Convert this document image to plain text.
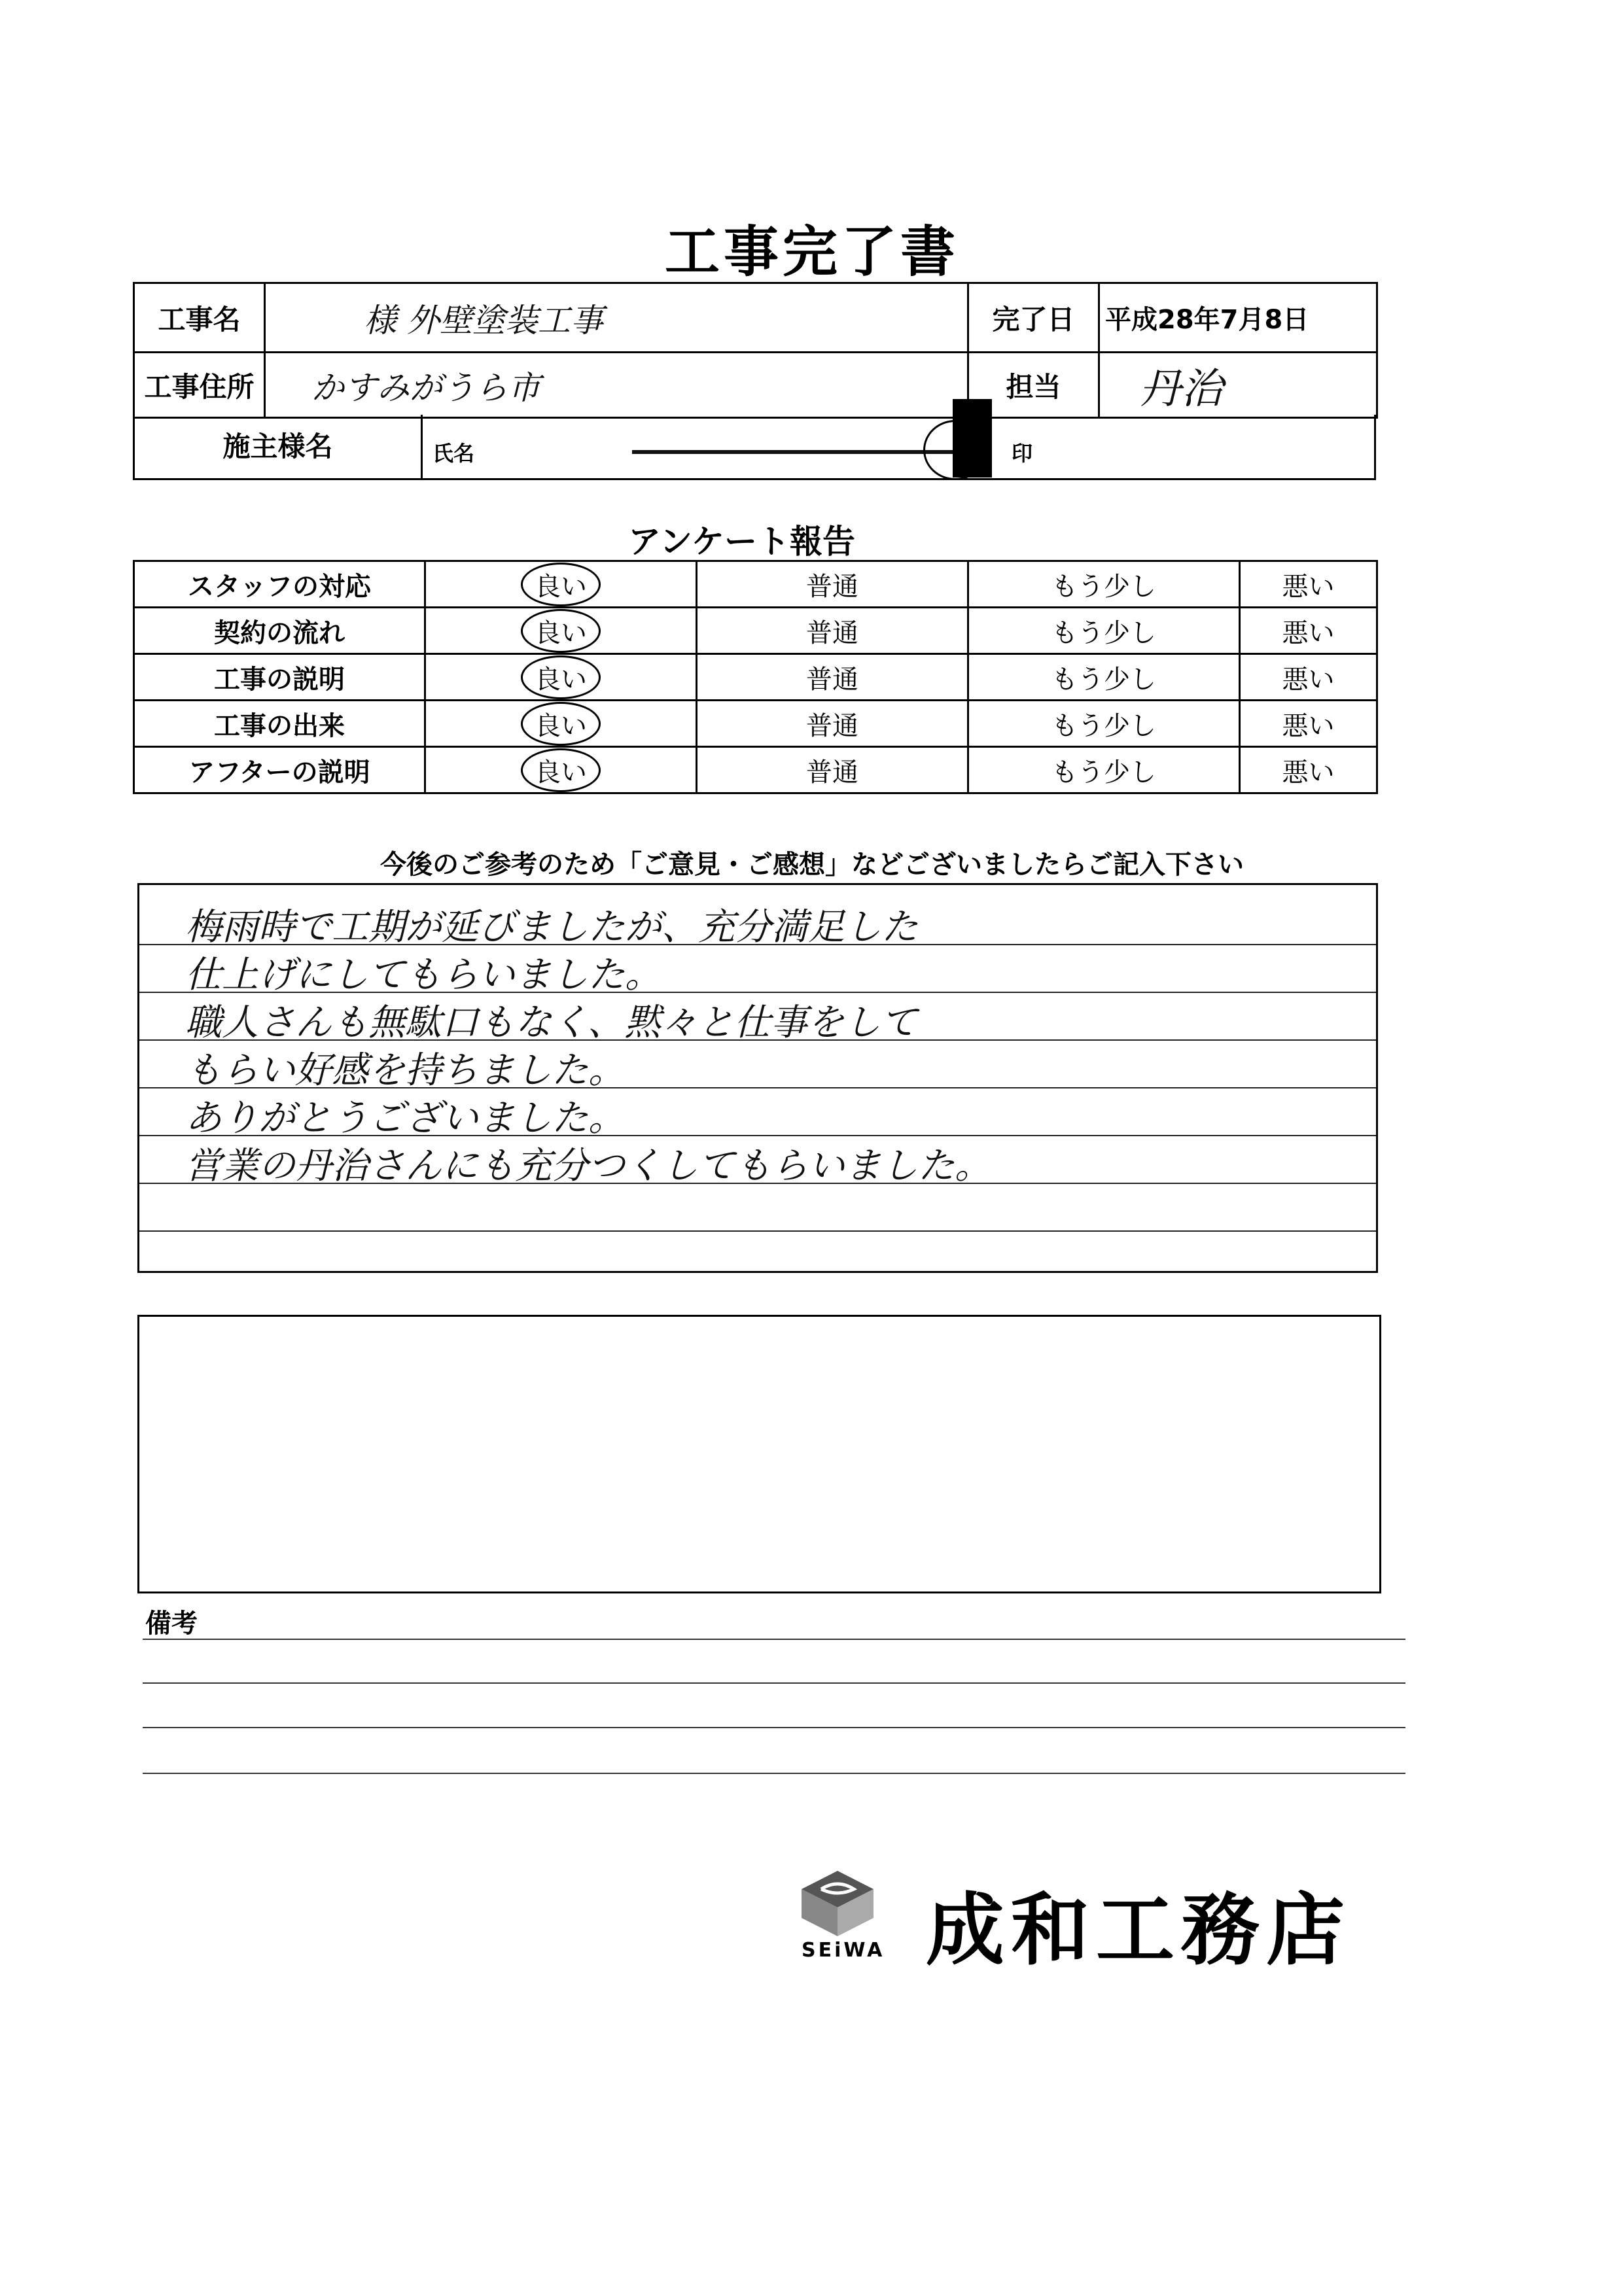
工事完了書
工事名	様 外壁塗装工事	完了日	平成28年7月8日
工事住所	かすみがうら市	担当	丹治
施主様名	氏名	印
アンケート報告
スタッフの対応	良い	普通	もう少し	悪い
契約の流れ	良い	普通	もう少し	悪い
工事の説明	良い	普通	もう少し	悪い
工事の出来	良い	普通	もう少し	悪い
アフターの説明	良い	普通	もう少し	悪い
今後のご参考のため「ご意見・ご感想」などございましたらご記入下さい
梅雨時で工期が延びましたが、充分満足した
仕上げにしてもらいました。
職人さんも無駄口もなく、黙々と仕事をして
もらい好感を持ちました。
ありがとうございました。
営業の丹治さんにも充分つくしてもらいました。
備考
SEiWA 成和工務店
